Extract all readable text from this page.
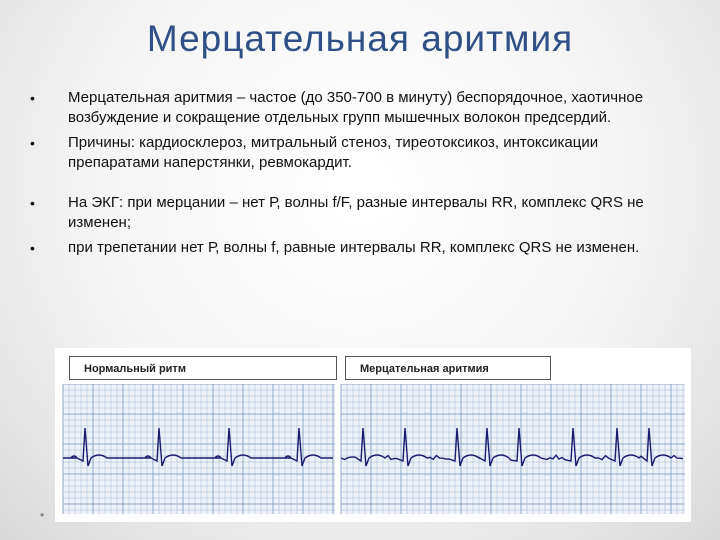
Мерцательная аритмия
• Мерцательная аритмия – частое (до 350-700 в минуту) беспорядочное, хаотичное возбуждение и сокращение отдельных групп мышечных волокон предсердий.
• Причины: кардиосклероз, митральный стеноз, тиреотоксикоз, интоксикации препаратами наперстянки, ревмокардит.
• На ЭКГ: при мерцании – нет Р, волны f/F, разные интервалы RR, комплекс QRS не изменен;
• при трепетании нет Р, волны f, равные интервалы RR, комплекс QRS не изменен.
Нормальный ритм	Мерцательная аритмия
•
